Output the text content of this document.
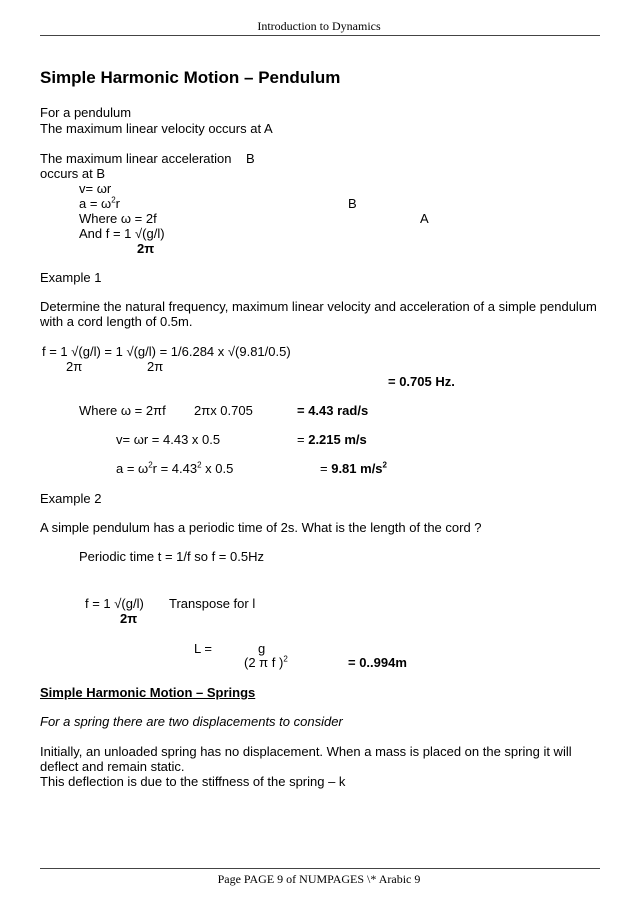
Introduction to Dynamics
Simple Harmonic Motion – Pendulum
For a pendulum
The maximum linear velocity occurs at A
The maximum linear acceleration B
occurs at B
v= ωr
$a = \omega^2r$	B
Where ω = 2f	A
And f = 1 √(g/l)
2π
Example 1
Determine the natural frequency, maximum linear velocity and acceleration of a simple pendulum
with a cord length of 0.5m.
f = 1 √(g/l) = 1 √(g/l) = 1/6.284 x √(9.81/0.5)
2π	2π
= 0.705 Hz.
Where ω = 2πf 2πx 0.705	= 4.43 rad/s
v= ωr = 4.43 x 0.5	= 2.215 m/s
$a = \omega^2r = 4.43^2$ x 0.5	= 9.81 $m/s^2$
Example 2
A simple pendulum has a periodic time of 2s. What is the length of the cord ?
Periodic time t = 1/f so f = 0.5Hz
f = 1 √(g/l) Transpose for l
2π
L =	g
(2 π f )$^2$	= 0..994m
Simple Harmonic Motion – Springs
For a spring there are two displacements to consider
Initially, an unloaded spring has no displacement. When a mass is placed on the spring it will
deflect and remain static.
This deflection is due to the stiffness of the spring – k
Page PAGE 9 of NUMPAGES \* Arabic 9
